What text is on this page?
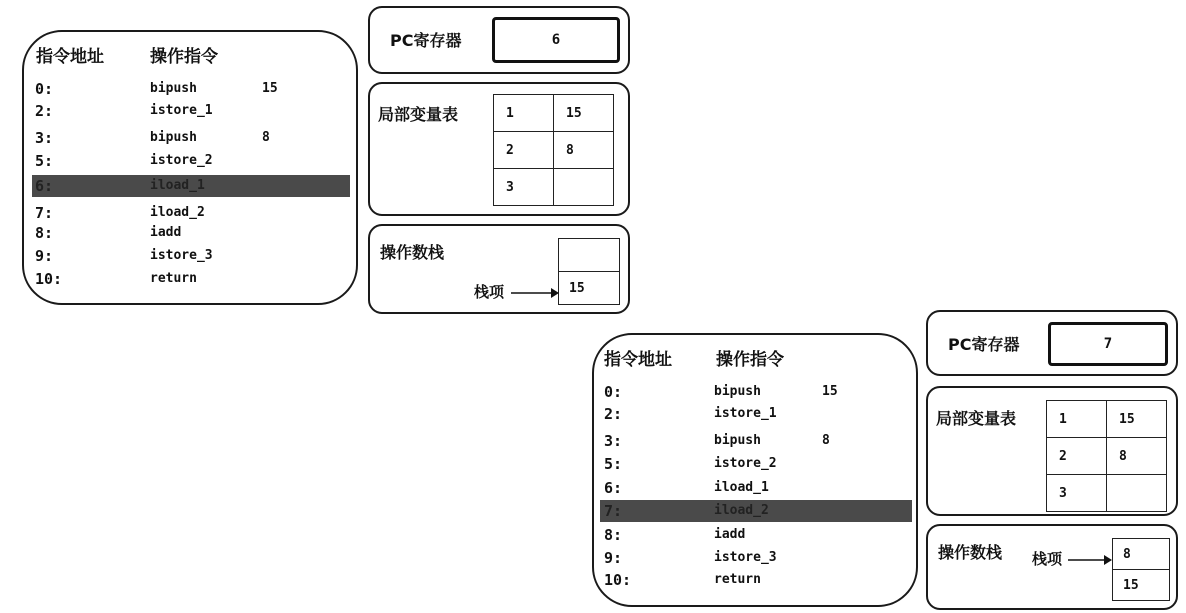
指令地址	操作指令
0:	bipush	15
2:	istore_1
3:	bipush	8
5:	istore_2
6:	iload_1
7:	iload_2
8:	iadd
9:	istore_3
10:	return
PC寄存器	6
局部变量表	1	15
2	8
3	
操作数栈
15
栈项
指令地址	操作指令
0:	bipush	15
2:	istore_1
3:	bipush	8
5:	istore_2
6:	iload_1
7:	iload_2
8:	iadd
9:	istore_3
10:	return
PC寄存器	7
局部变量表	1	15
2	8
3	
操作数栈 栈项	8
15
